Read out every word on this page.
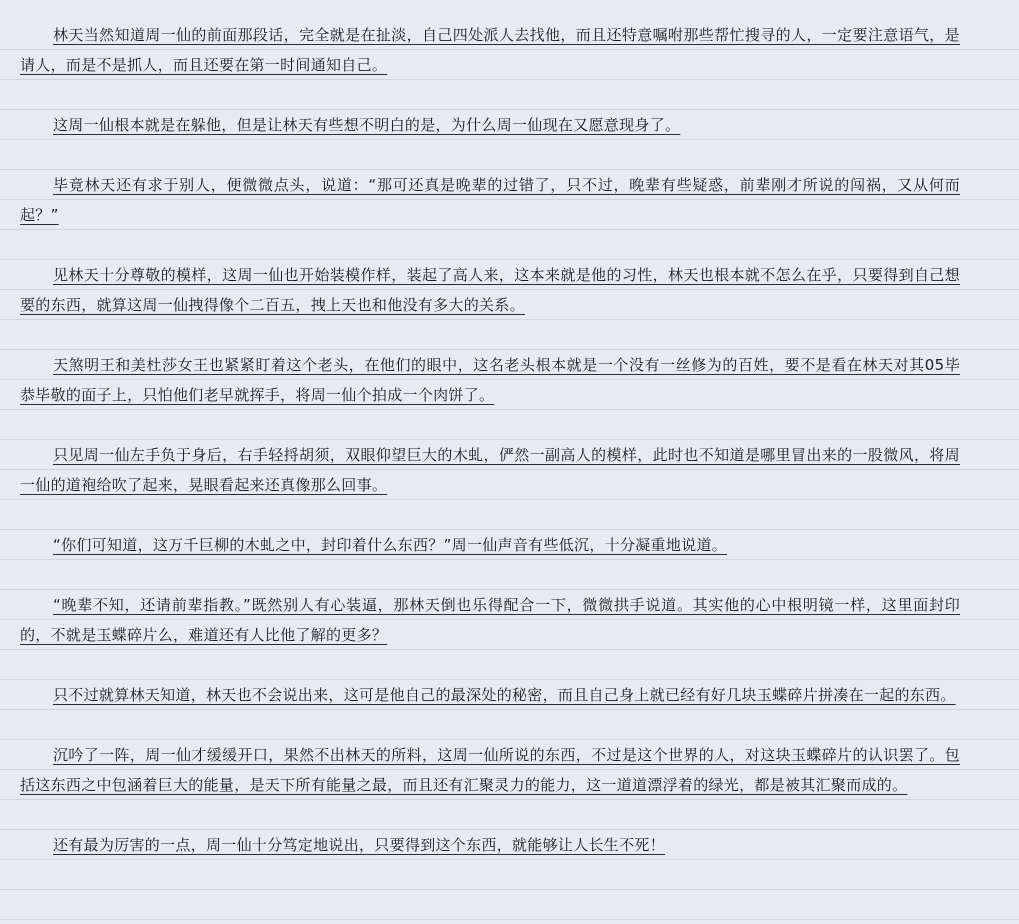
林天当然知道周一仙的前面那段话，完全就是在扯淡，自己四处派人去找他，而且还特意嘱咐那些帮忙搜寻的人，一定要注意语气，是请人，而是不是抓人，而且还要在第一时间通知自己。

这周一仙根本就是在躲他，但是让林天有些想不明白的是，为什么周一仙现在又愿意现身了。

毕竟林天还有求于别人，便微微点头，说道：“那可还真是晚辈的过错了，只不过，晚辈有些疑惑，前辈刚才所说的闯祸，又从何而起？”

见林天十分尊敬的模样，这周一仙也开始装模作样，装起了高人来，这本来就是他的习性，林天也根本就不怎么在乎，只要得到自己想要的东西，就算这周一仙拽得像个二百五，拽上天也和他没有多大的关系。

天煞明王和美杜莎女王也紧紧盯着这个老头，在他们的眼中，这名老头根本就是一个没有一丝修为的百姓，要不是看在林天对其05毕恭毕敬的面子上，只怕他们老早就挥手，将周一仙个拍成一个肉饼了。

只见周一仙左手负于身后，右手轻捋胡须，双眼仰望巨大的木虬，俨然一副高人的模样，此时也不知道是哪里冒出来的一股微风，将周一仙的道袍给吹了起来，晃眼看起来还真像那么回事。

“你们可知道，这万千巨柳的木虬之中，封印着什么东西？”周一仙声音有些低沉，十分凝重地说道。

“晚辈不知，还请前辈指教。”既然别人有心装逼，那林天倒也乐得配合一下，微微拱手说道。其实他的心中根明镜一样，这里面封印的，不就是玉蝶碎片么，难道还有人比他了解的更多？

只不过就算林天知道，林天也不会说出来，这可是他自己的最深处的秘密，而且自己身上就已经有好几块玉蝶碎片拼凑在一起的东西。

沉吟了一阵，周一仙才缓缓开口，果然不出林天的所料，这周一仙所说的东西，不过是这个世界的人，对这块玉蝶碎片的认识罢了。包括这东西之中包涵着巨大的能量，是天下所有能量之最，而且还有汇聚灵力的能力，这一道道漂浮着的绿光，都是被其汇聚而成的。

还有最为厉害的一点，周一仙十分笃定地说出，只要得到这个东西，就能够让人长生不死！
